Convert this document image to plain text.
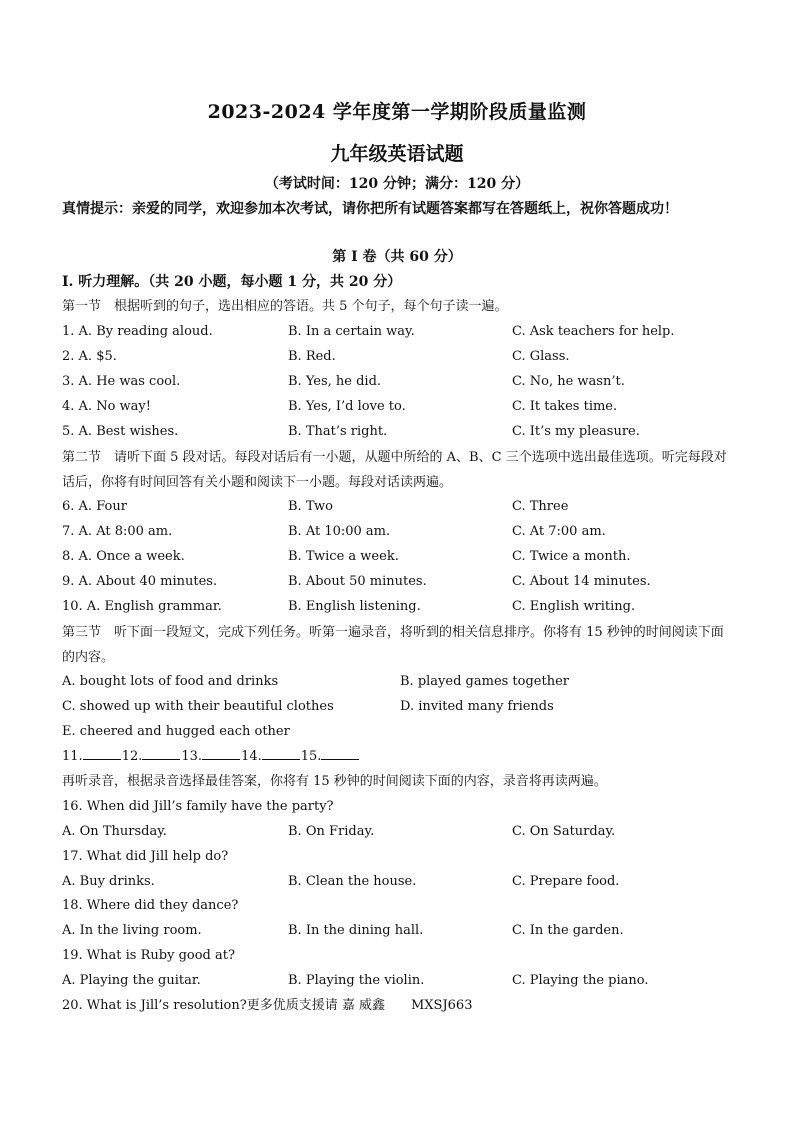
2023-2024 学年度第一学期阶段质量监测
九年级英语试题
（考试时间：120 分钟；满分：120 分）
真情提示：亲爱的同学，欢迎参加本次考试，请你把所有试题答案都写在答题纸上，祝你答题成功！
第 I 卷（共 60 分）
Ⅰ. 听力理解。（共 20 小题，每小题 1 分，共 20 分）
第一节　根据听到的句子，选出相应的答语。共 5 个句子，每个句子读一遍。
1. A. By reading aloud.	B. In a certain way.	C. Ask teachers for help.
2. A. $5.	B. Red.	C. Glass.
3. A. He was cool.	B. Yes, he did.	C. No, he wasn’t.
4. A. No way!	B. Yes, I’d love to.	C. It takes time.
5. A. Best wishes.	B. That’s right.	C. It’s my pleasure.
第二节　请听下面 5 段对话。每段对话后有一小题，从题中所给的 A、B、C 三个选项中选出最佳选项。听完每段对话后，你将有时间回答有关小题和阅读下一小题。每段对话读两遍。
6. A. Four	B. Two	C. Three
7. A. At 8:00 am.	B. At 10:00 am.	C. At 7:00 am.
8. A. Once a week.	B. Twice a week.	C. Twice a month.
9. A. About 40 minutes.	B. About 50 minutes.	C. About 14 minutes.
10. A. English grammar.	B. English listening.	C. English writing.
第三节　听下面一段短文，完成下列任务。听第一遍录音，将听到的相关信息排序。你将有 15 秒钟的时间阅读下面的内容。
A. bought lots of food and drinks	B. played games together
C. showed up with their beautiful clothes	D. invited many friends
E. cheered and hugged each other
11.	12.	13.	14.	15.
再听录音，根据录音选择最佳答案，你将有 15 秒钟的时间阅读下面的内容，录音将再读两遍。
16. When did Jill’s family have the party?
A. On Thursday.	B. On Friday.	C. On Saturday.
17. What did Jill help do?
A. Buy drinks.	B. Clean the house.	C. Prepare food.
18. Where did they dance?
A. In the living room.	B. In the dining hall.	C. In the garden.
19. What is Ruby good at?
A. Playing the guitar.	B. Playing the violin.	C. Playing the piano.
20. What is Jill’s resolution?更多优质支援请 嘉 威鑫　　MXSJ663
